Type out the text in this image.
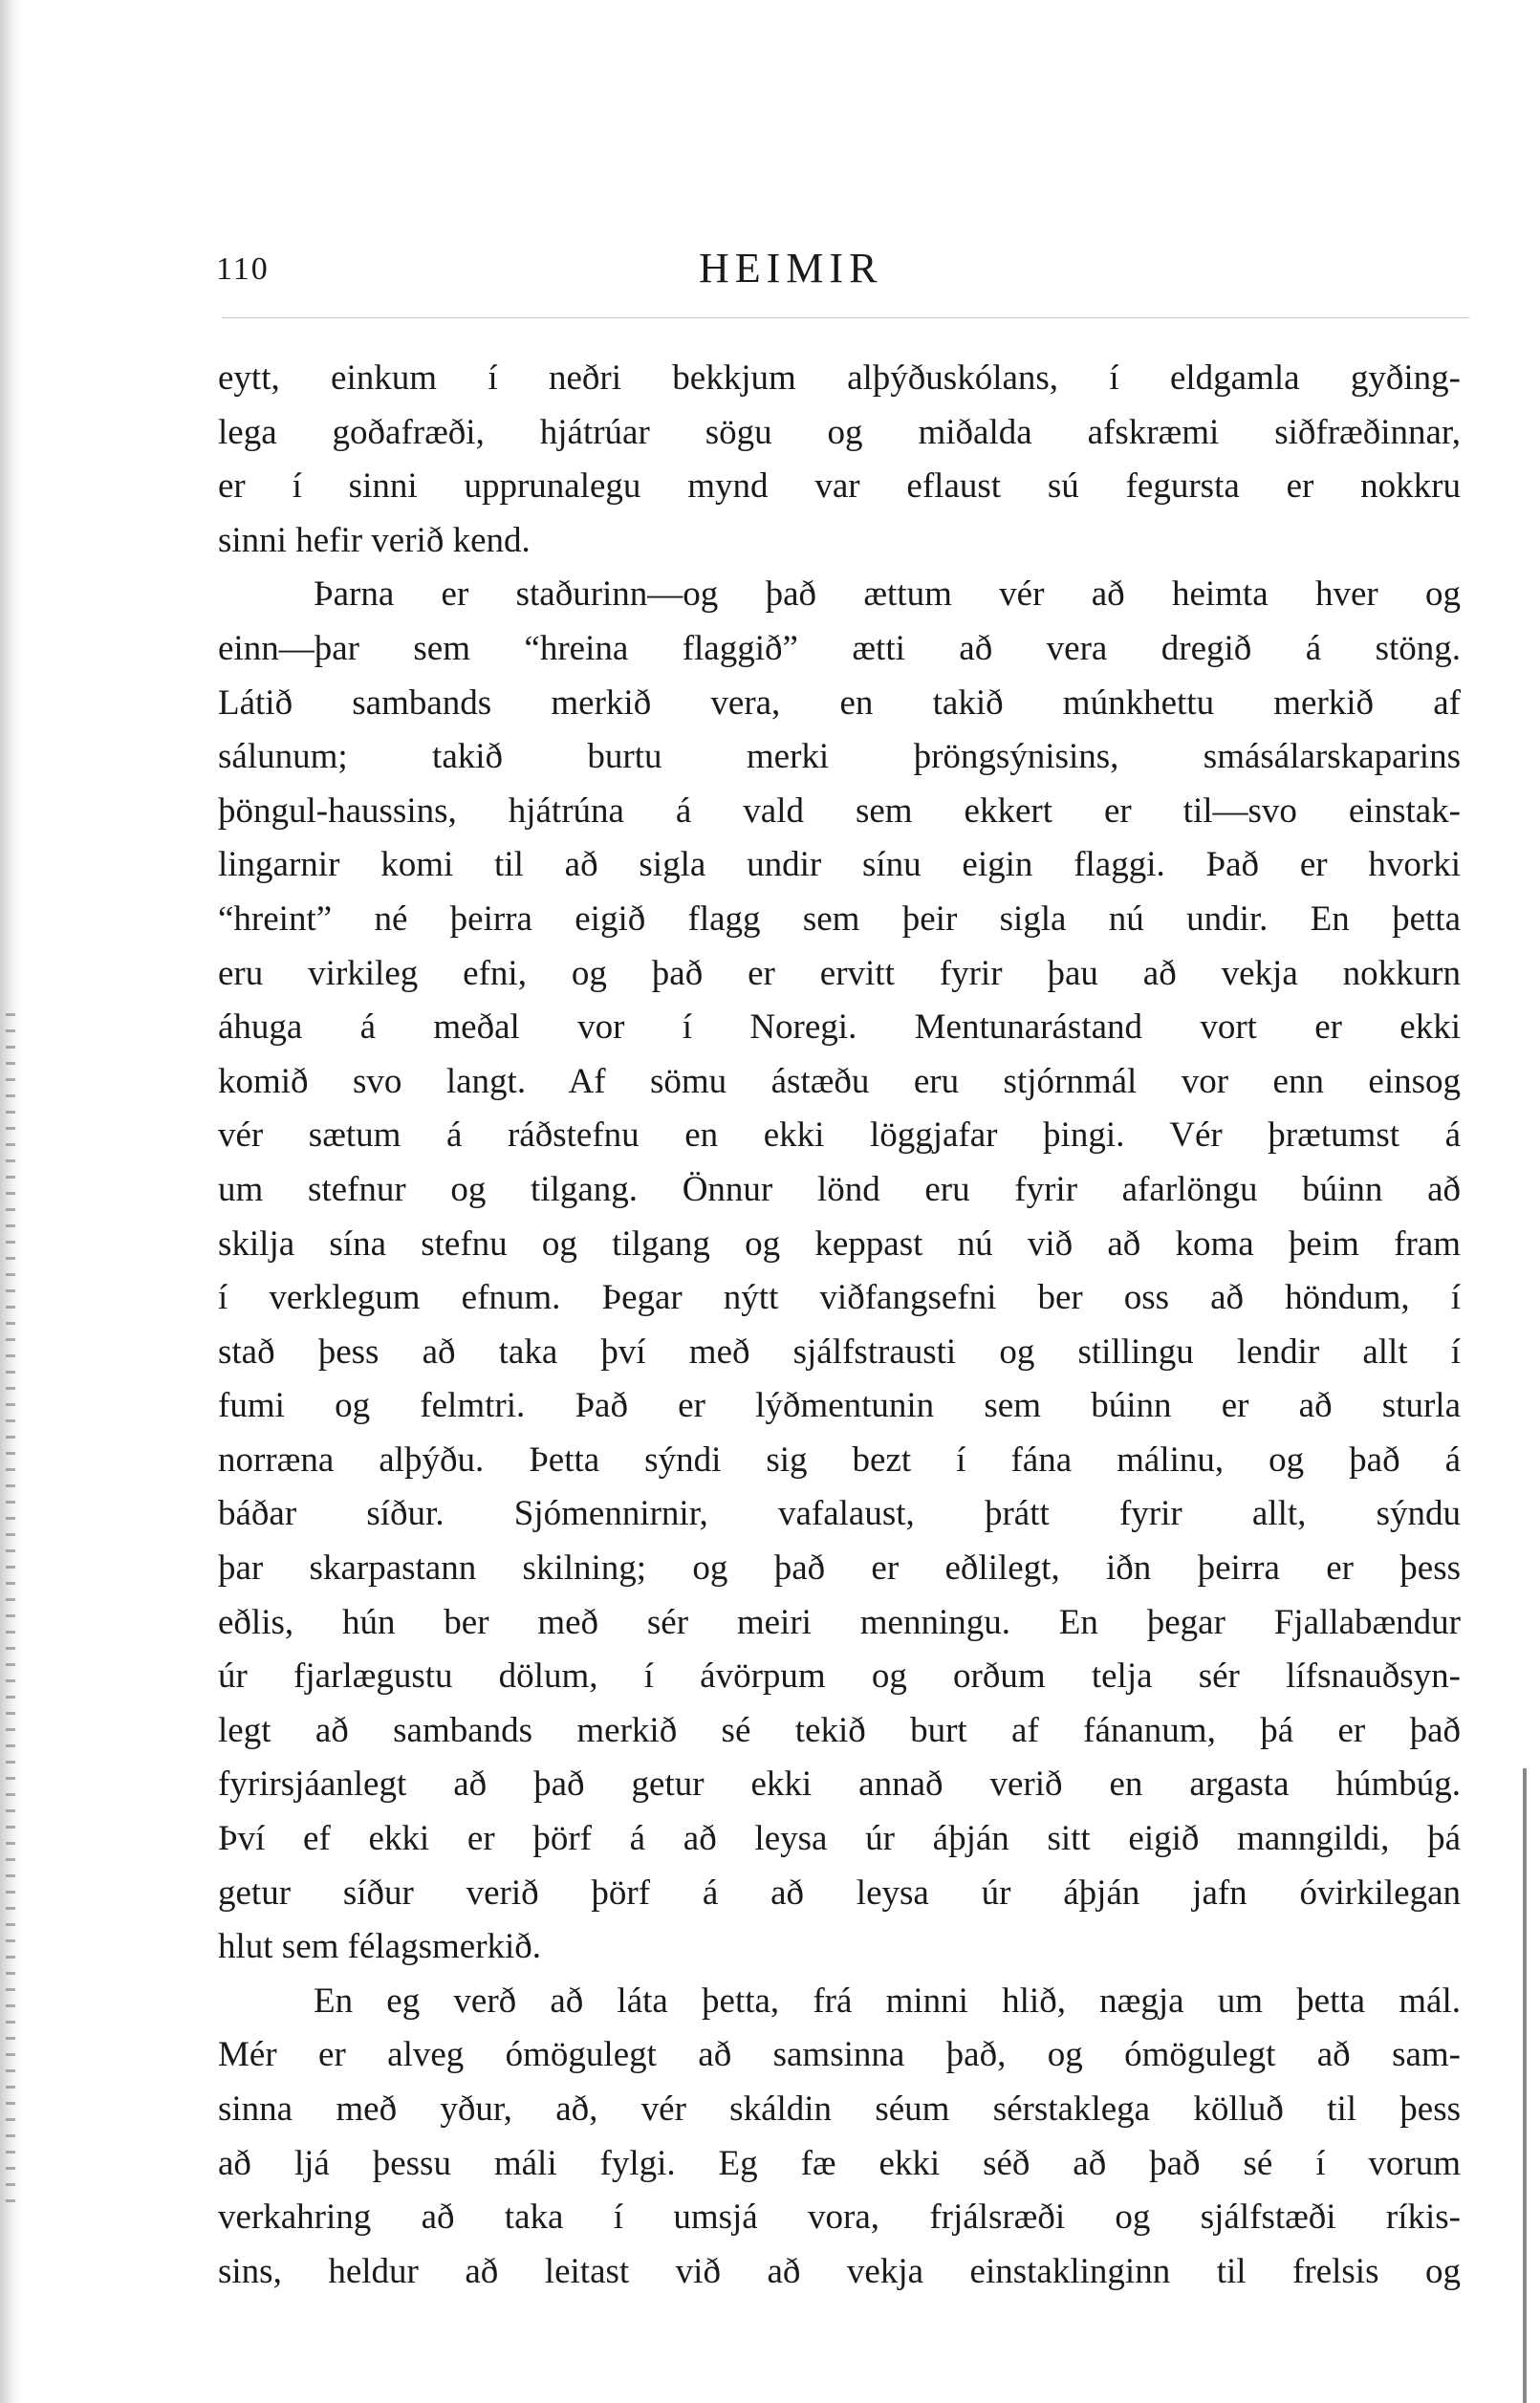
110	HEIMIR
eytt, einkum í neðri bekkjum alþýðuskólans, í eldgamla gyðing-
lega goðafræði, hjátrúar sögu og miðalda afskræmi siðfræðinnar,
er í sinni upprunalegu mynd var eflaust sú fegursta er nokkru
sinni hefir verið kend.
Þarna er staðurinn—og það ættum vér að heimta hver og
einn—þar sem “hreina flaggið” ætti að vera dregið á stöng.
Látið sambands merkið vera, en takið múnkhettu merkið af
sálunum; takið burtu merki þröngsýnisins, smásálarskaparins
þöngul-haussins, hjátrúna á vald sem ekkert er til—svo einstak-
lingarnir komi til að sigla undir sínu eigin flaggi. Það er hvorki
“hreint” né þeirra eigið flagg sem þeir sigla nú undir. En þetta
eru virkileg efni, og það er ervitt fyrir þau að vekja nokkurn
áhuga á meðal vor í Noregi. Mentunarástand vort er ekki
komið svo langt. Af sömu ástæðu eru stjórnmál vor enn einsog
vér sætum á ráðstefnu en ekki löggjafar þingi. Vér þrætumst á
um stefnur og tilgang. Önnur lönd eru fyrir afarlöngu búinn að
skilja sína stefnu og tilgang og keppast nú við að koma þeim fram
í verklegum efnum. Þegar nýtt viðfangsefni ber oss að höndum, í
stað þess að taka því með sjálfstrausti og stillingu lendir allt í
fumi og felmtri. Það er lýðmentunin sem búinn er að sturla
norræna alþýðu. Þetta sýndi sig bezt í fána málinu, og það á
báðar síður. Sjómennirnir, vafalaust, þrátt fyrir allt, sýndu
þar skarpastann skilning; og það er eðlilegt, iðn þeirra er þess
eðlis, hún ber með sér meiri menningu. En þegar Fjallabændur
úr fjarlægustu dölum, í ávörpum og orðum telja sér lífsnauðsyn-
legt að sambands merkið sé tekið burt af fánanum, þá er það
fyrirsjáanlegt að það getur ekki annað verið en argasta húmbúg.
Því ef ekki er þörf á að leysa úr áþján sitt eigið manngildi, þá
getur síður verið þörf á að leysa úr áþján jafn óvirkilegan
hlut sem félagsmerkið.
En eg verð að láta þetta, frá minni hlið, nægja um þetta mál.
Mér er alveg ómögulegt að samsinna það, og ómögulegt að sam-
sinna með yður, að, vér skáldin séum sérstaklega kölluð til þess
að ljá þessu máli fylgi. Eg fæ ekki séð að það sé í vorum
verkahring að taka í umsjá vora, frjálsræði og sjálfstæði ríkis-
sins, heldur að leitast við að vekja einstaklinginn til frelsis og
